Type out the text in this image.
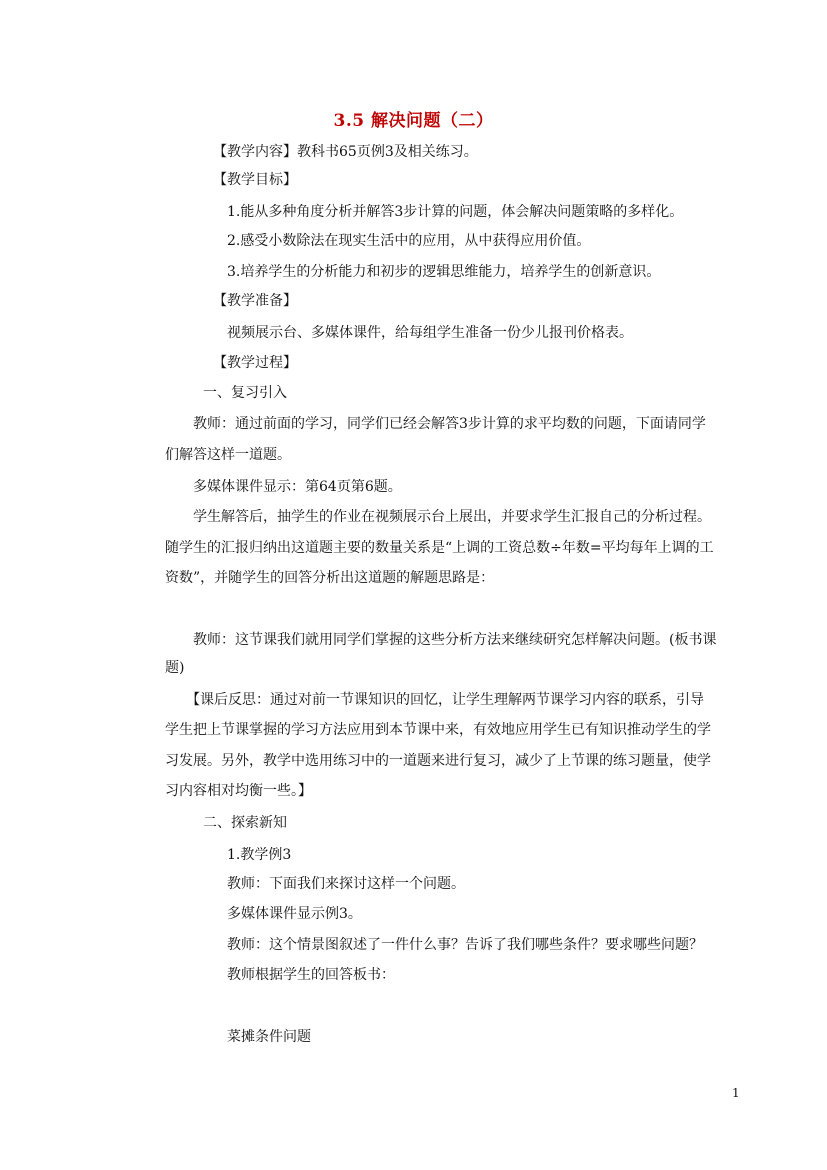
3.5 解决问题（二）
【教学内容】教科书65页例3及相关练习。
【教学目标】
1.能从多种角度分析并解答3步计算的问题，体会解决问题策略的多样化。
2.感受小数除法在现实生活中的应用，从中获得应用价值。
3.培养学生的分析能力和初步的逻辑思维能力，培养学生的创新意识。
【教学准备】
视频展示台、多媒体课件，给每组学生准备一份少儿报刊价格表。
【教学过程】
一、复习引入
教师：通过前面的学习，同学们已经会解答3步计算的求平均数的问题，下面请同学
们解答这样一道题。
多媒体课件显示：第64页第6题。
学生解答后，抽学生的作业在视频展示台上展出，并要求学生汇报自己的分析过程。
随学生的汇报归纳出这道题主要的数量关系是“上调的工资总数÷年数=平均每年上调的工
资数”，并随学生的回答分析出这道题的解题思路是：
教师：这节课我们就用同学们掌握的这些分析方法来继续研究怎样解决问题。(板书课
题)
【课后反思：通过对前一节课知识的回忆，让学生理解两节课学习内容的联系，引导
学生把上节课掌握的学习方法应用到本节课中来，有效地应用学生已有知识推动学生的学
习发展。另外，教学中选用练习中的一道题来进行复习，减少了上节课的练习题量，使学
习内容相对均衡一些。】
二、探索新知
1.教学例3
教师：下面我们来探讨这样一个问题。
多媒体课件显示例3。
教师：这个情景图叙述了一件什么事？告诉了我们哪些条件？要求哪些问题？
教师根据学生的回答板书：
菜摊条件问题
1
